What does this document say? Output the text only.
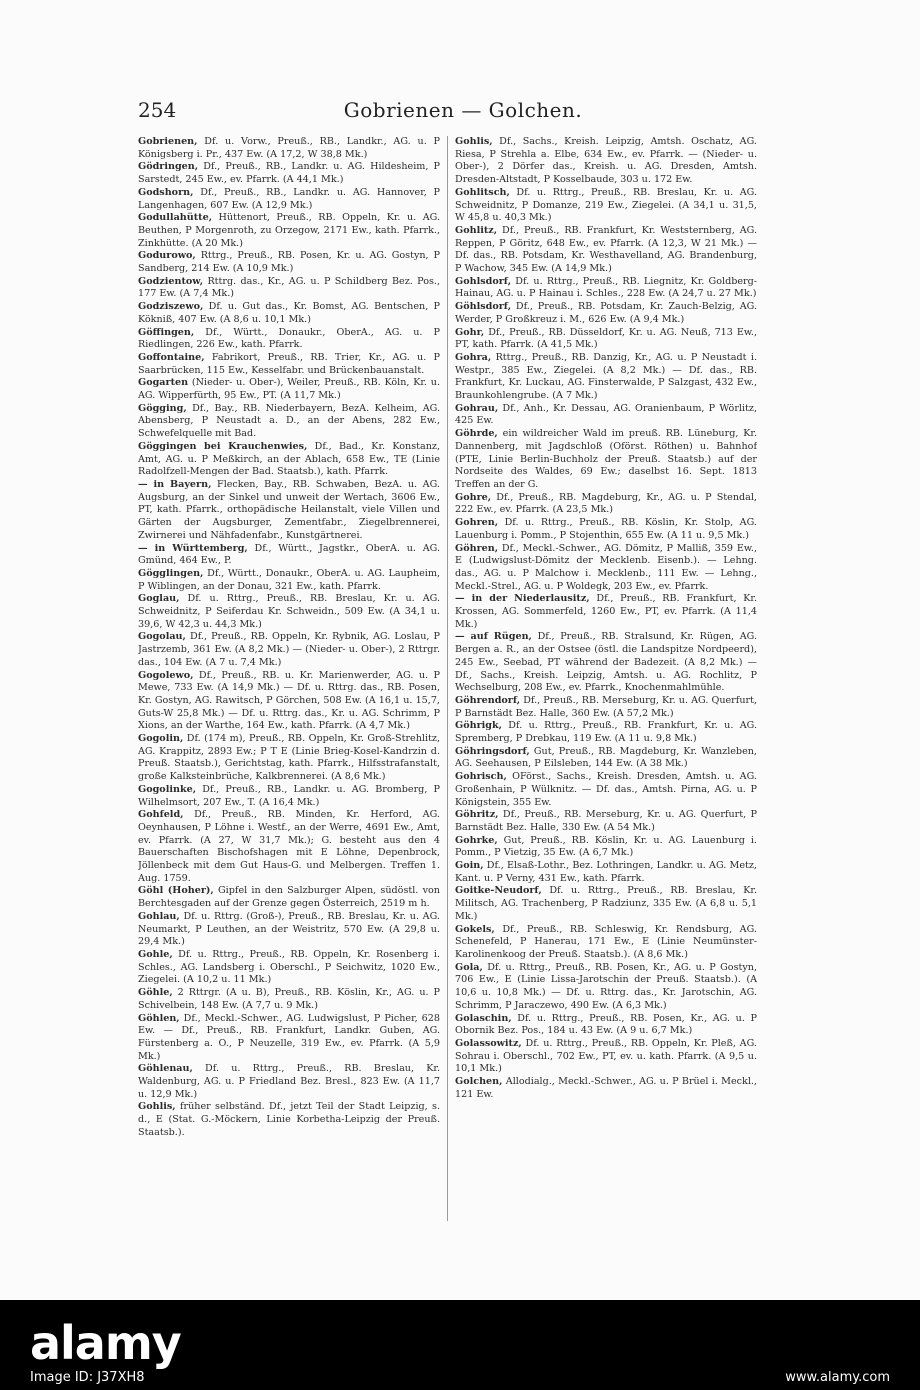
Gobrienen — Golchen.
254

Gobrienen, Df. u. Vorw., Preuß., RB., Landkr., AG. u. P Königsberg i. Pr., 437 Ew. (A 17,2, W 38,8 Mk.)

Gödringen, Df., Preuß., RB., Landkr. u. AG. Hildesheim, P Sarstedt, 245 Ew., ev. Pfarrk. (A 44,1 Mk.)

Godshorn, Df., Preuß., RB., Landkr. u. AG. Hannover, P Langenhagen, 607 Ew. (A 12,9 Mk.)

Godullahütte, Hüttenort, Preuß., RB. Oppeln, Kr. u. AG. Beuthen, P Morgenroth, zu Orzegow, 2171 Ew., kath. Pfarrk., Zinkhütte. (A 20 Mk.)

Godurowo, Rttrg., Preuß., RB. Posen, Kr. u. AG. Gostyn, P Sandberg, 214 Ew. (A 10,9 Mk.)

Godzientow, Rttrg. das., Kr., AG. u. P Schildberg Bez. Pos., 177 Ew. (A 7,4 Mk.)

Godziszewo, Df. u. Gut das., Kr. Bomst, AG. Bentschen, P Kökniß, 407 Ew. (A 8,6 u. 10,1 Mk.)

Göffingen, Df., Württ., Donaukr., OberA., AG. u. P Riedlingen, 226 Ew., kath. Pfarrk.

Goffontaine, Fabrikort, Preuß., RB. Trier, Kr., AG. u. P Saarbrücken, 115 Ew., Kesselfabr. und Brückenbauanstalt.

Gogarten (Nieder- u. Ober-), Weiler, Preuß., RB. Köln, Kr. u. AG. Wipperfürth, 95 Ew., PT. (A 11,7 Mk.)

Gögging, Df., Bay., RB. Niederbayern, BezA. Kelheim, AG. Abensberg, P Neustadt a. D., an der Abens, 282 Ew., Schwefelquelle mit Bad.

Göggingen bei Krauchenwies, Df., Bad., Kr. Konstanz, Amt, AG. u. P Meßkirch, an der Ablach, 658 Ew., TE (Linie Radolfzell-Mengen der Bad. Staatsb.), kath. Pfarrk.

— in Bayern, Flecken, Bay., RB. Schwaben, BezA. u. AG. Augsburg, an der Sinkel und unweit der Wertach, 3606 Ew., PT, kath. Pfarrk., orthopädische Heilanstalt, viele Villen und Gärten der Augsburger, Zementfabr., Ziegelbrennerei, Zwirnerei und Nähfadenfabr., Kunstgärtnerei.

— in Württemberg, Df., Württ., Jagstkr., OberA. u. AG. Gmünd, 464 Ew., P.

Gögglingen, Df., Württ., Donaukr., OberA. u. AG. Laupheim, P Wiblingen, an der Donau, 321 Ew., kath. Pfarrk.

Goglau, Df. u. Rttrg., Preuß., RB. Breslau, Kr. u. AG. Schweidnitz, P Seiferdau Kr. Schweidn., 509 Ew. (A 34,1 u. 39,6, W 42,3 u. 44,3 Mk.)

Gogolau, Df., Preuß., RB. Oppeln, Kr. Rybnik, AG. Loslau, P Jastrzemb, 361 Ew. (A 8,2 Mk.) — (Nieder- u. Ober-), 2 Rttrgr. das., 104 Ew. (A 7 u. 7,4 Mk.)

Gogolewo, Df., Preuß., RB. u. Kr. Marienwerder, AG. u. P Mewe, 733 Ew. (A 14,9 Mk.) — Df. u. Rttrg. das., RB. Posen, Kr. Gostyn, AG. Rawitsch, P Görchen, 508 Ew. (A 16,1 u. 15,7, Guts-W 25,8 Mk.) — Df. u. Rttrg. das., Kr. u. AG. Schrimm, P Xions, an der Warthe, 164 Ew., kath. Pfarrk. (A 4,7 Mk.)

Gogolin, Df. (174 m), Preuß., RB. Oppeln, Kr. Groß-Strehlitz, AG. Krappitz, 2893 Ew.; P T E (Linie Brieg-Kosel-Kandrzin d. Preuß. Staatsb.), Gerichtstag, kath. Pfarrk., Hilfsstrafanstalt, große Kalksteinbrüche, Kalkbrennerei. (A 8,6 Mk.)

Gogolinke, Df., Preuß., RB., Landkr. u. AG. Bromberg, P Wilhelmsort, 207 Ew., T. (A 16,4 Mk.)

Gohfeld, Df., Preuß., RB. Minden, Kr. Herford, AG. Oeynhausen, P Löhne i. Westf., an der Werre, 4691 Ew., Amt, ev. Pfarrk. (A 27, W 31,7 Mk.); G. besteht aus den 4 Bauerschaften Bischofshagen mit E Löhne, Depenbrock, Jöllenbeck mit dem Gut Haus-G. und Melbergen. Treffen 1. Aug. 1759.

Göhl (Hoher), Gipfel in den Salzburger Alpen, südöstl. von Berchtesgaden auf der Grenze gegen Österreich, 2519 m h.

Gohlau, Df. u. Rttrg. (Groß-), Preuß., RB. Breslau, Kr. u. AG. Neumarkt, P Leuthen, an der Weistritz, 570 Ew. (A 29,8 u. 29,4 Mk.)

Gohle, Df. u. Rttrg., Preuß., RB. Oppeln, Kr. Rosenberg i. Schles., AG. Landsberg i. Oberschl., P Seichwitz, 1020 Ew., Ziegelei. (A 10,2 u. 11 Mk.)

Göhle, 2 Rttrgr. (A u. B), Preuß., RB. Köslin, Kr., AG. u. P Schivelbein, 148 Ew. (A 7,7 u. 9 Mk.)

Göhlen, Df., Meckl.-Schwer., AG. Ludwigslust, P Picher, 628 Ew. — Df., Preuß., RB. Frankfurt, Landkr. Guben, AG. Fürstenberg a. O., P Neuzelle, 319 Ew., ev. Pfarrk. (A 5,9 Mk.)

Göhlenau, Df. u. Rttrg., Preuß., RB. Breslau, Kr. Waldenburg, AG. u. P Friedland Bez. Bresl., 823 Ew. (A 11,7 u. 12,9 Mk.)

Gohlis, früher selbständ. Df., jetzt Teil der Stadt Leipzig, s. d., E (Stat. G.-Möckern, Linie Korbetha-Leipzig der Preuß. Staatsb.).

Gohlis, Df., Sachs., Kreish. Leipzig, Amtsh. Oschatz, AG. Riesa, P Strehla a. Elbe, 634 Ew., ev. Pfarrk. — (Nieder- u. Ober-), 2 Dörfer das., Kreish. u. AG. Dresden, Amtsh. Dresden-Altstadt, P Kosselbaude, 303 u. 172 Ew.

Gohlitsch, Df. u. Rttrg., Preuß., RB. Breslau, Kr. u. AG. Schweidnitz, P Domanze, 219 Ew., Ziegelei. (A 34,1 u. 31,5, W 45,8 u. 40,3 Mk.)

Gohlitz, Df., Preuß., RB. Frankfurt, Kr. Weststernberg, AG. Reppen, P Göritz, 648 Ew., ev. Pfarrk. (A 12,3, W 21 Mk.) — Df. das., RB. Potsdam, Kr. Westhavelland, AG. Brandenburg, P Wachow, 345 Ew. (A 14,9 Mk.)

Gohlsdorf, Df. u. Rttrg., Preuß., RB. Liegnitz, Kr. Goldberg-Hainau, AG. u. P Hainau i. Schles., 228 Ew. (A 24,7 u. 27 Mk.)

Göhlsdorf, Df., Preuß., RB. Potsdam, Kr. Zauch-Belzig, AG. Werder, P Großkreuz i. M., 626 Ew. (A 9,4 Mk.)

Gohr, Df., Preuß., RB. Düsseldorf, Kr. u. AG. Neuß, 713 Ew., PT, kath. Pfarrk. (A 41,5 Mk.)

Gohra, Rttrg., Preuß., RB. Danzig, Kr., AG. u. P Neustadt i. Westpr., 385 Ew., Ziegelei. (A 8,2 Mk.) — Df. das., RB. Frankfurt, Kr. Luckau, AG. Finsterwalde, P Salzgast, 432 Ew., Braunkohlengrube. (A 7 Mk.)

Gohrau, Df., Anh., Kr. Dessau, AG. Oranienbaum, P Wörlitz, 425 Ew.

Göhrde, ein wildreicher Wald im preuß. RB. Lüneburg, Kr. Dannenberg, mit Jagdschloß (Oförst. Röthen) u. Bahnhof (PTE, Linie Berlin-Buchholz der Preuß. Staatsb.) auf der Nordseite des Waldes, 69 Ew.; daselbst 16. Sept. 1813 Treffen an der G.

Gohre, Df., Preuß., RB. Magdeburg, Kr., AG. u. P Stendal, 222 Ew., ev. Pfarrk. (A 23,5 Mk.)

Gohren, Df. u. Rttrg., Preuß., RB. Köslin, Kr. Stolp, AG. Lauenburg i. Pomm., P Stojenthin, 655 Ew. (A 11 u. 9,5 Mk.)

Göhren, Df., Meckl.-Schwer., AG. Dömitz, P Malliß, 359 Ew., E (Ludwigslust-Dömitz der Mecklenb. Eisenb.). — Lehng. das., AG. u. P Malchow i. Mecklenb., 111 Ew. — Lehng., Meckl.-Strel., AG. u. P Woldegk, 203 Ew., ev. Pfarrk.

— in der Niederlausitz, Df., Preuß., RB. Frankfurt, Kr. Krossen, AG. Sommerfeld, 1260 Ew., PT, ev. Pfarrk. (A 11,4 Mk.)

— auf Rügen, Df., Preuß., RB. Stralsund, Kr. Rügen, AG. Bergen a. R., an der Ostsee (östl. die Landspitze Nordpeerd), 245 Ew., Seebad, PT während der Badezeit. (A 8,2 Mk.) — Df., Sachs., Kreish. Leipzig, Amtsh. u. AG. Rochlitz, P Wechselburg, 208 Ew., ev. Pfarrk., Knochenmahlmühle.

Göhrendorf, Df., Preuß., RB. Merseburg, Kr. u. AG. Querfurt, P Barnstädt Bez. Halle, 360 Ew. (A 57,2 Mk.)

Göhrigk, Df. u. Rttrg., Preuß., RB. Frankfurt, Kr. u. AG. Spremberg, P Drebkau, 119 Ew. (A 11 u. 9,8 Mk.)

Göhringsdorf, Gut, Preuß., RB. Magdeburg, Kr. Wanzleben, AG. Seehausen, P Eilsleben, 144 Ew. (A 38 Mk.)

Gohrisch, OFörst., Sachs., Kreish. Dresden, Amtsh. u. AG. Großenhain, P Wülknitz. — Df. das., Amtsh. Pirna, AG. u. P Königstein, 355 Ew.

Göhritz, Df., Preuß., RB. Merseburg, Kr. u. AG. Querfurt, P Barnstädt Bez. Halle, 330 Ew. (A 54 Mk.)

Gohrke, Gut, Preuß., RB. Köslin, Kr. u. AG. Lauenburg i. Pomm., P Vietzig, 35 Ew. (A 6,7 Mk.)

Goin, Df., Elsaß-Lothr., Bez. Lothringen, Landkr. u. AG. Metz, Kant. u. P Verny, 431 Ew., kath. Pfarrk.

Goitke-Neudorf, Df. u. Rttrg., Preuß., RB. Breslau, Kr. Militsch, AG. Trachenberg, P Radziunz, 335 Ew. (A 6,8 u. 5,1 Mk.)

Gokels, Df., Preuß., RB. Schleswig, Kr. Rendsburg, AG. Schenefeld, P Hanerau, 171 Ew., E (Linie Neumünster-Karolinenkoog der Preuß. Staatsb.). (A 8,6 Mk.)

Gola, Df. u. Rttrg., Preuß., RB. Posen, Kr., AG. u. P Gostyn, 706 Ew., E (Linie Lissa-Jarotschin der Preuß. Staatsb.). (A 10,6 u. 10,8 Mk.) — Df. u. Rttrg. das., Kr. Jarotschin, AG. Schrimm, P Jaraczewo, 490 Ew. (A 6,3 Mk.)

Golaschin, Df. u. Rttrg., Preuß., RB. Posen, Kr., AG. u. P Obornik Bez. Pos., 184 u. 43 Ew. (A 9 u. 6,7 Mk.)

Golassowitz, Df. u. Rttrg., Preuß., RB. Oppeln, Kr. Pleß, AG. Sohrau i. Oberschl., 702 Ew., PT, ev. u. kath. Pfarrk. (A 9,5 u. 10,1 Mk.)

Golchen, Allodialg., Meckl.-Schwer., AG. u. P Brüel i. Meckl., 121 Ew.

alamy
Image ID: J37XH8	www.alamy.com
